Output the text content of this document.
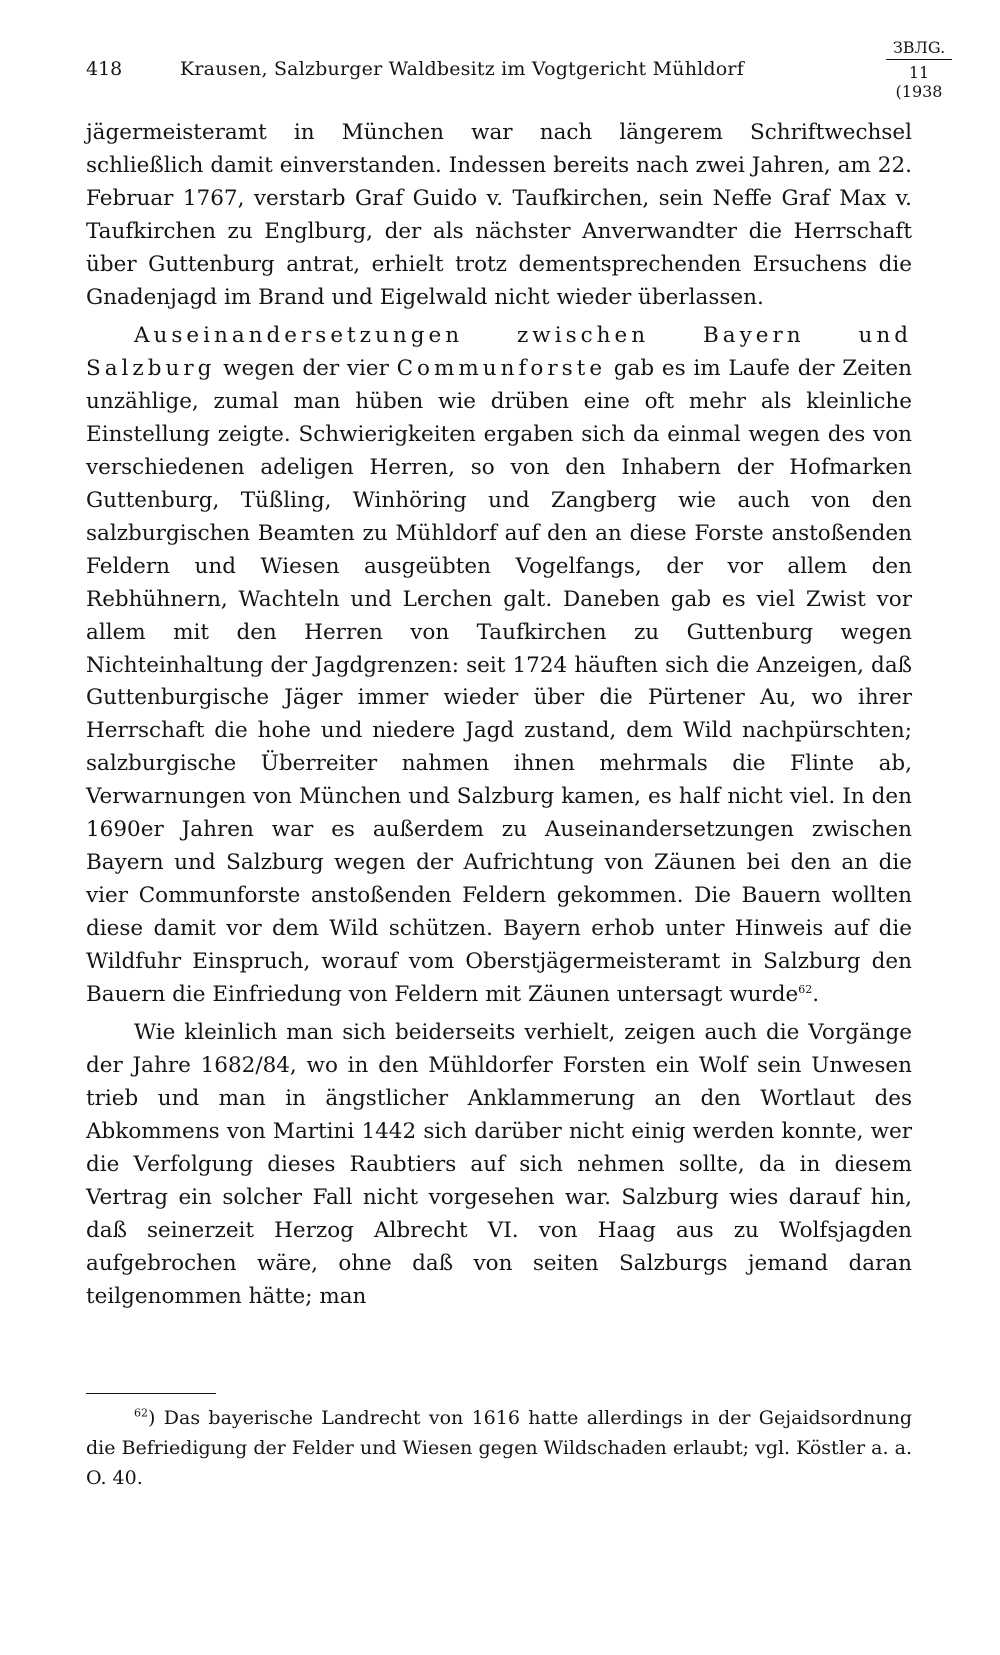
418	Krausen, Salzburger Waldbesitz im Vogtgericht Mühldorf
ЗВЛG.
11 (1938

jägermeisteramt in München war nach längerem Schriftwechsel schließlich damit einverstanden. Indessen bereits nach zwei Jahren, am 22. Februar 1767, verstarb Graf Guido v. Taufkirchen, sein Neffe Graf Max v. Taufkirchen zu Englburg, der als nächster Anverwandter die Herrschaft über Guttenburg antrat, erhielt trotz dementsprechenden Ersuchens die Gnadenjagd im Brand und Eigelwald nicht wieder überlassen.

Auseinandersetzungen zwischen Bayern und Salzburg wegen der vier Communforste gab es im Laufe der Zeiten unzählige, zumal man hüben wie drüben eine oft mehr als kleinliche Einstellung zeigte. Schwierigkeiten ergaben sich da einmal wegen des von verschiedenen adeligen Herren, so von den Inhabern der Hofmarken Guttenburg, Tüßling, Winhöring und Zangberg wie auch von den salzburgischen Beamten zu Mühldorf auf den an diese Forste anstoßenden Feldern und Wiesen ausgeübten Vogelfangs, der vor allem den Rebhühnern, Wachteln und Lerchen galt. Daneben gab es viel Zwist vor allem mit den Herren von Taufkirchen zu Guttenburg wegen Nichteinhaltung der Jagdgrenzen: seit 1724 häuften sich die Anzeigen, daß Guttenburgische Jäger immer wieder über die Pürtener Au, wo ihrer Herrschaft die hohe und niedere Jagd zustand, dem Wild nachpürschten; salzburgische Überreiter nahmen ihnen mehrmals die Flinte ab, Verwarnungen von München und Salzburg kamen, es half nicht viel. In den 1690er Jahren war es außerdem zu Auseinandersetzungen zwischen Bayern und Salzburg wegen der Aufrichtung von Zäunen bei den an die vier Communforste anstoßenden Feldern gekommen. Die Bauern wollten diese damit vor dem Wild schützen. Bayern erhob unter Hinweis auf die Wildfuhr Einspruch, worauf vom Oberstjägermeisteramt in Salzburg den Bauern die Einfriedung von Feldern mit Zäunen untersagt wurde$^{62}$.

Wie kleinlich man sich beiderseits verhielt, zeigen auch die Vorgänge der Jahre 1682/84, wo in den Mühldorfer Forsten ein Wolf sein Unwesen trieb und man in ängstlicher Anklammerung an den Wortlaut des Abkommens von Martini 1442 sich darüber nicht einig werden konnte, wer die Verfolgung dieses Raubtiers auf sich nehmen sollte, da in diesem Vertrag ein solcher Fall nicht vorgesehen war. Salzburg wies darauf hin, daß seinerzeit Herzog Albrecht VI. von Haag aus zu Wolfsjagden aufgebrochen wäre, ohne daß von seiten Salzburgs jemand daran teilgenommen hätte; man

$^{62}$) Das bayerische Landrecht von 1616 hatte allerdings in der Gejaidsordnung die Befriedigung der Felder und Wiesen gegen Wildschaden erlaubt; vgl. Köstler a. a. O. 40.
